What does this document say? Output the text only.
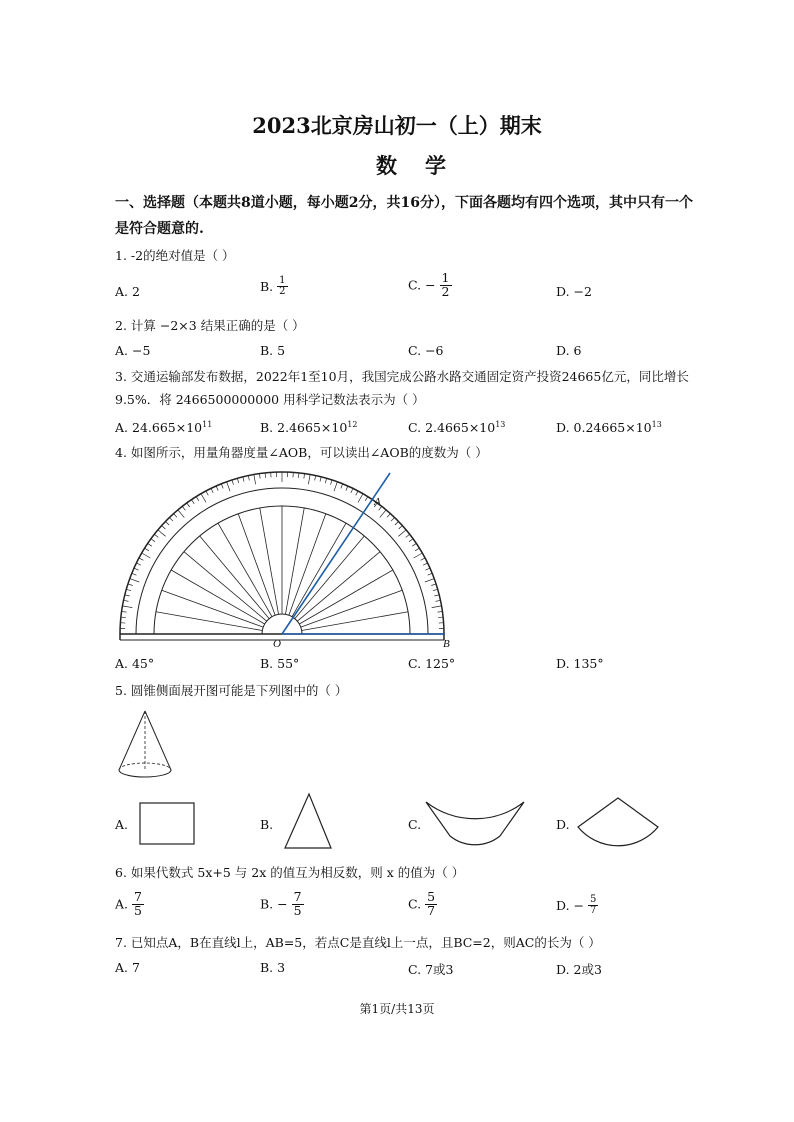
2023北京房山初一（上）期末
数学
一、选择题（本题共8道小题，每小题2分，共16分），下面各题均有四个选项，其中只有一个是符合题意的.
1. -2的绝对值是（ ）
A. 2	B. $\frac{1}{2}$	C. − $\frac{1}{2}$	D. −2
2. 计算 −2×3 结果正确的是（ ）
A. −5	B. 5	C. −6	D. 6
3. 交通运输部发布数据，2022年1至10月，我国完成公路水路交通固定资产投资24665亿元，同比增长
9.5%．将 2466500000000 用科学记数法表示为（ ）
A. $24.665\times 10^{11}$	B. $2.4665\times 10^{12}$	C. $2.4665\times 10^{13}$	D. $0.24665\times 10^{13}$
4. 如图所示，用量角器度量∠AOB，可以读出∠AOB的度数为（ ）
A
B
O
A. 45°	B. 55°	C. 125°	D. 135°
5. 圆锥侧面展开图可能是下列图中的（ ）
A.	B.	C.	D.
6. 如果代数式 5x+5 与 2x 的值互为相反数，则 x 的值为（ ）
A. $\frac{7}{5}$	B. − $\frac{7}{5}$	C. $\frac{5}{7}$	D. − $\frac{5}{7}$
7. 已知点A，B在直线l上，AB=5，若点C是直线l上一点，且BC=2，则AC的长为（ ）
A. 7	B. 3	C. 7或3	D. 2或3
第1页/共13页
